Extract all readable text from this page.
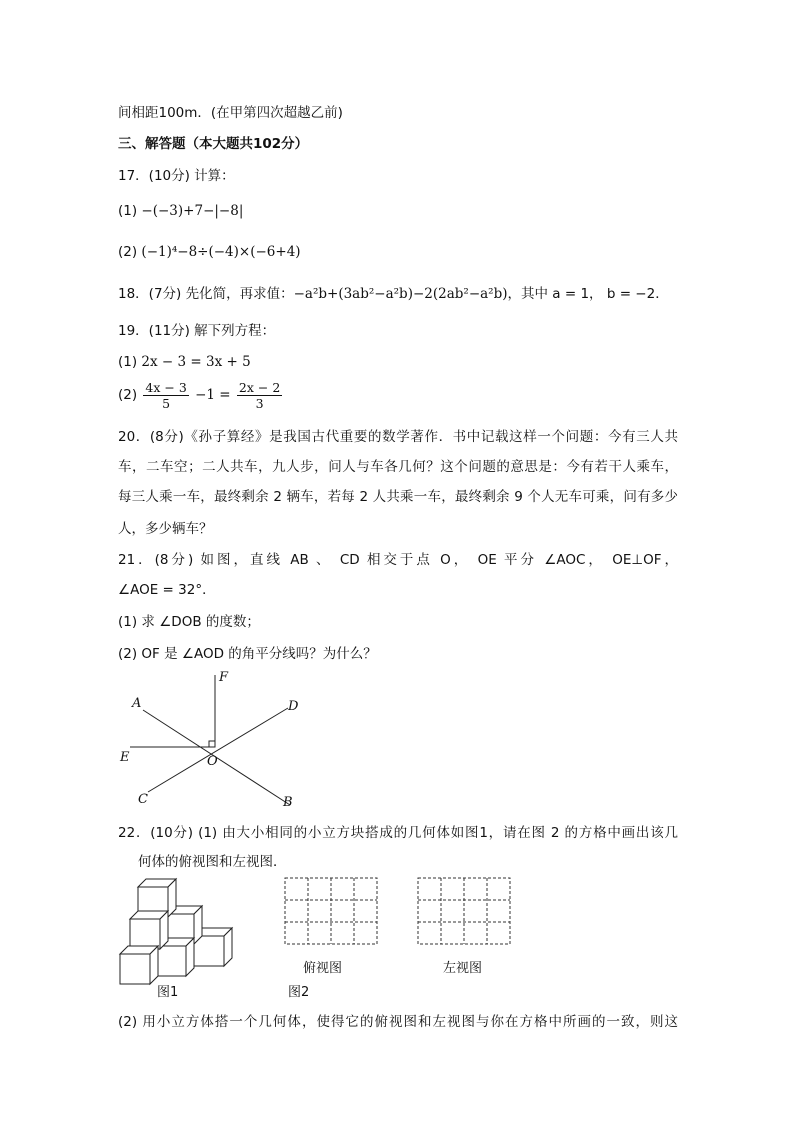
间相距100m．(在甲第四次超越乙前)
三、解答题（本大题共102分）
17．(10分) 计算：
(1) −(−3)+7−|−8|
(2) (−1)⁴−8÷(−4)×(−6+4)
18．(7分) 先化简，再求值：−a²b+(3ab²−a²b)−2(2ab²−a²b)，其中 a = 1， b = −2．
19．(11分) 解下列方程：
(1) 2x − 3 = 3x + 5
$(2) \frac{4x - 3}{5} -1 = \frac{2x - 2}{3}$
20．(8分)《孙子算经》是我国古代重要的数学著作．书中记载这样一个问题：今有三人共
车，二车空；二人共车，九人步，问人与车各几何？这个问题的意思是：今有若干人乘车，
每三人乘一车，最终剩余 2 辆车，若每 2 人共乘一车，最终剩余 9 个人无车可乘，问有多少
人，多少辆车？
21．(8分) 如图，直线 AB 、 CD 相交于点 O， OE 平分 ∠AOC， OE⊥OF，
∠AOE = 32°．
(1) 求 ∠DOB 的度数；
(2) OF 是 ∠AOD 的角平分线吗？为什么？
A
B
C
D
E
F
O
22．(10分) (1) 由大小相同的小立方块搭成的几何体如图1，请在图 2 的方格中画出该几
何体的俯视图和左视图．
图1
俯视图	左视图
图2
(2) 用小立方体搭一个几何体，使得它的俯视图和左视图与你在方格中所画的一致，则这
